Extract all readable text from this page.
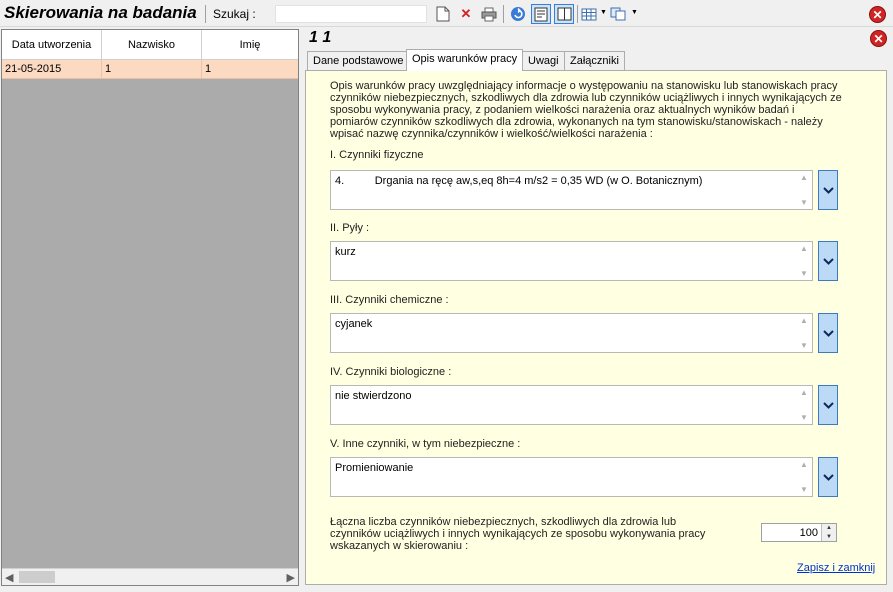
Skierowania na badania Szukaj :	✕	▼	▼	✕
Data utworzenia	Nazwisko	Imię
21-05-2015	1	1
◀	▶
1 1	✕
Dane podstawowe Opis warunków pracy Uwagi	Załączniki
Opis warunków pracy uwzględniający informacje o występowaniu na stanowisku lub stanowiskach pracy czynników niebezpiecznych, szkodliwych dla zdrowia lub czynników uciążliwych i innych wynikających ze sposobu wykonywania pracy, z podaniem wielkości narażenia oraz aktualnych wyników badań i pomiarów czynników szkodliwych dla zdrowia, wykonanych na tym stanowisku/stanowiskach - należy wpisać nazwę czynnika/czynników i wielkość/wielkości narażenia :
I. Czynniki fizyczne
4.          Drgania na ręcę aw,s,eq 8h=4 m/s2 = 0,35 WD (w O. Botanicznym)	▲
▼
II. Pyły :
kurz	▲
▼
III. Czynniki chemiczne :
cyjanek	▲
▼
IV. Czynniki biologiczne :
nie stwierdzono	▲
▼
V. Inne czynniki, w tym niebezpieczne :
Promieniowanie	▲
▼
Łączna liczba czynników niebezpiecznych, szkodliwych dla zdrowia lub czynników uciążliwych i innych wynikających ze sposobu wykonywania pracy wskazanych w skierowaniu :
100 ▲
▼
Zapisz i zamknij
